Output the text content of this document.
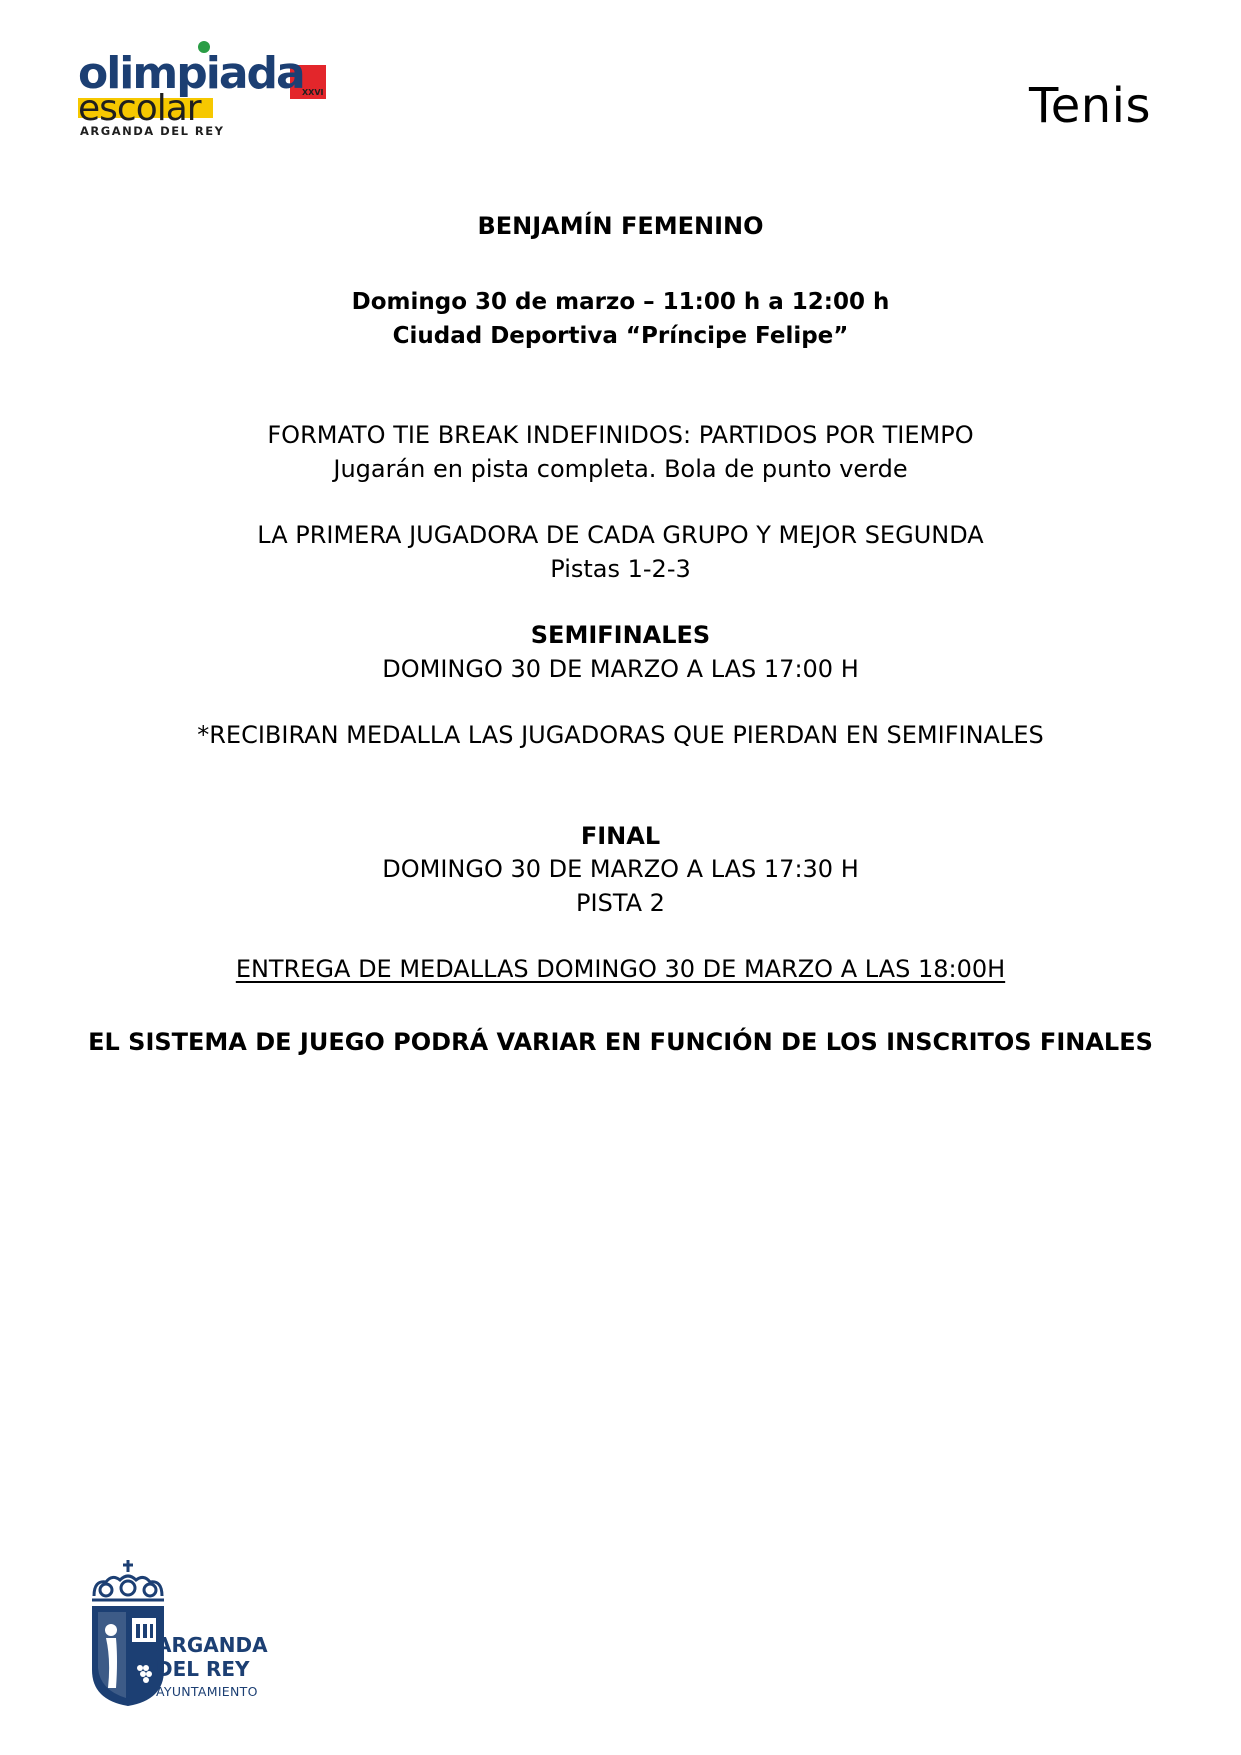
olimpiada
escolar	XXVI
ARGANDA DEL REY	Tenis
BENJAMÍN FEMENINO
Domingo 30 de marzo – 11:00 h a 12:00 h
Ciudad Deportiva “Príncipe Felipe”
FORMATO TIE BREAK INDEFINIDOS: PARTIDOS POR TIEMPO
Jugarán en pista completa. Bola de punto verde
LA PRIMERA JUGADORA DE CADA GRUPO Y MEJOR SEGUNDA
Pistas 1-2-3
SEMIFINALES
DOMINGO 30 DE MARZO A LAS 17:00 H
*RECIBIRAN MEDALLA LAS JUGADORAS QUE PIERDAN EN SEMIFINALES
FINAL
DOMINGO 30 DE MARZO A LAS 17:30 H
PISTA 2
ENTREGA DE MEDALLAS DOMINGO 30 DE MARZO A LAS 18:00H
EL SISTEMA DE JUEGO PODRÁ VARIAR EN FUNCIÓN DE LOS INSCRITOS FINALES
ARGANDA
DEL REY
AYUNTAMIENTO
